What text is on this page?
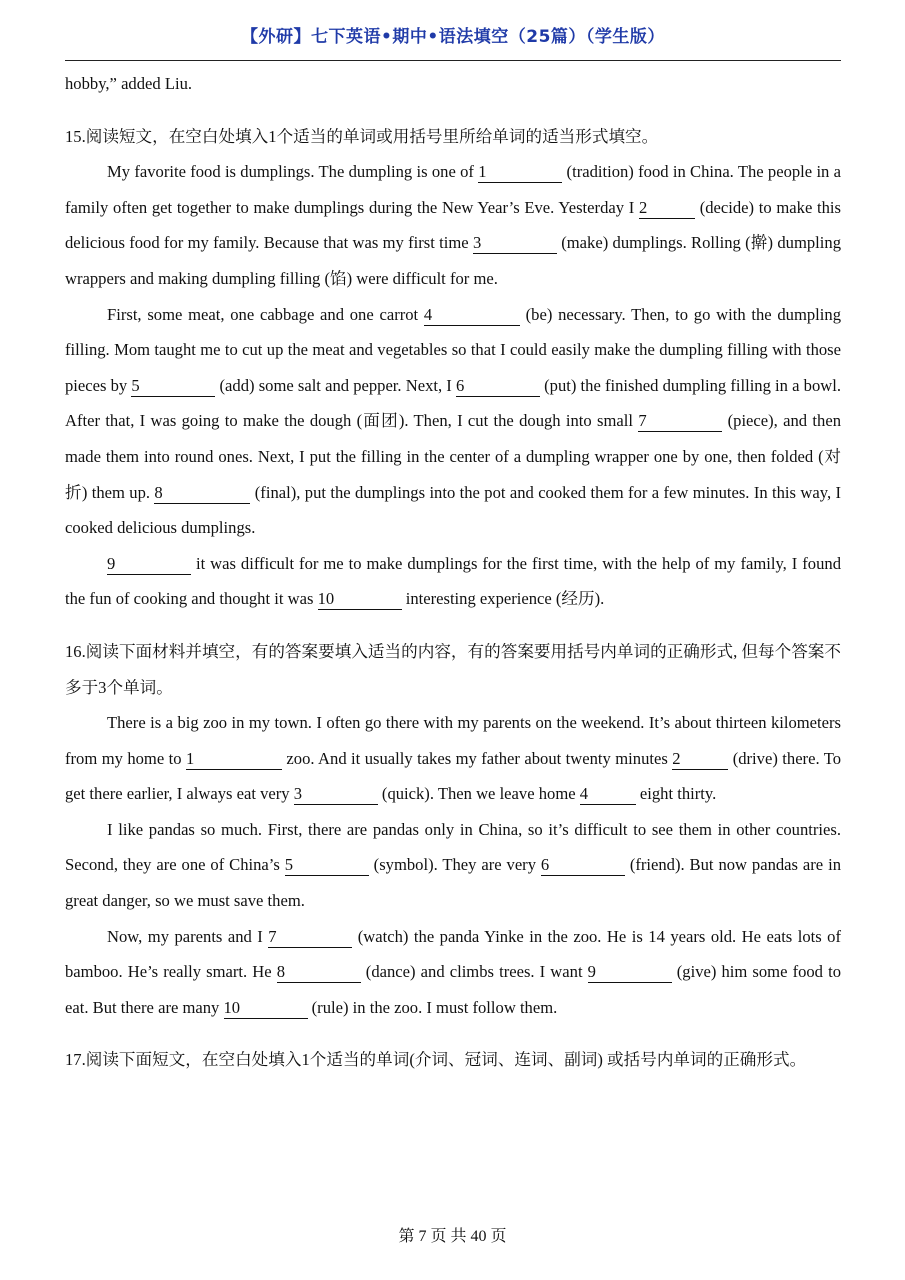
【外研】七下英语•期中•语法填空（25篇）（学生版）

hobby,” added Liu.

15.阅读短文，在空白处填入1个适当的单词或用括号里所给单词的适当形式填空。

My favorite food is dumplings. The dumpling is one of 1	(tradition) food in China. The people in a family often get together to make dumplings during the New Year’s Eve. Yesterday I 2	(decide) to make this delicious food for my family. Because that was my first time 3	(make) dumplings. Rolling (擀) dumpling wrappers and making dumpling filling (馅) were difficult for me.

First, some meat, one cabbage and one carrot 4	(be) necessary. Then, to go with the dumpling filling. Mom taught me to cut up the meat and vegetables so that I could easily make the dumpling filling with those pieces by 5	(add) some salt and pepper. Next, I 6	(put) the finished dumpling filling in a bowl. After that, I was going to make the dough (面团). Then, I cut the dough into small 7	(piece), and then made them into round ones. Next, I put the filling in the center of a dumpling wrapper one by one, then folded (对折) them up. 8	(final), put the dumplings into the pot and cooked them for a few minutes. In this way, I cooked delicious dumplings.

9	it was difficult for me to make dumplings for the first time, with the help of my family, I found the fun of cooking and thought it was 10	interesting experience (经历).

16.阅读下面材料并填空，有的答案要填入适当的内容，有的答案要用括号内单词的正确形式, 但每个答案不多于3个单词。

There is a big zoo in my town. I often go there with my parents on the weekend. It’s about thirteen kilometers from my home to 1	zoo. And it usually takes my father about twenty minutes 2	(drive) there. To get there earlier, I always eat very 3	(quick). Then we leave home 4	eight thirty.

I like pandas so much. First, there are pandas only in China, so it’s difficult to see them in other countries. Second, they are one of China’s 5	(symbol). They are very 6	(friend). But now pandas are in great danger, so we must save them.

Now, my parents and I 7	(watch) the panda Yinke in the zoo. He is 14 years old. He eats lots of bamboo. He’s really smart. He 8	(dance) and climbs trees. I want 9	(give) him some food to eat. But there are many 10	(rule) in the zoo. I must follow them.

17.阅读下面短文，在空白处填入1个适当的单词(介词、冠词、连词、副词) 或括号内单词的正确形式。

第 7 页 共 40 页
